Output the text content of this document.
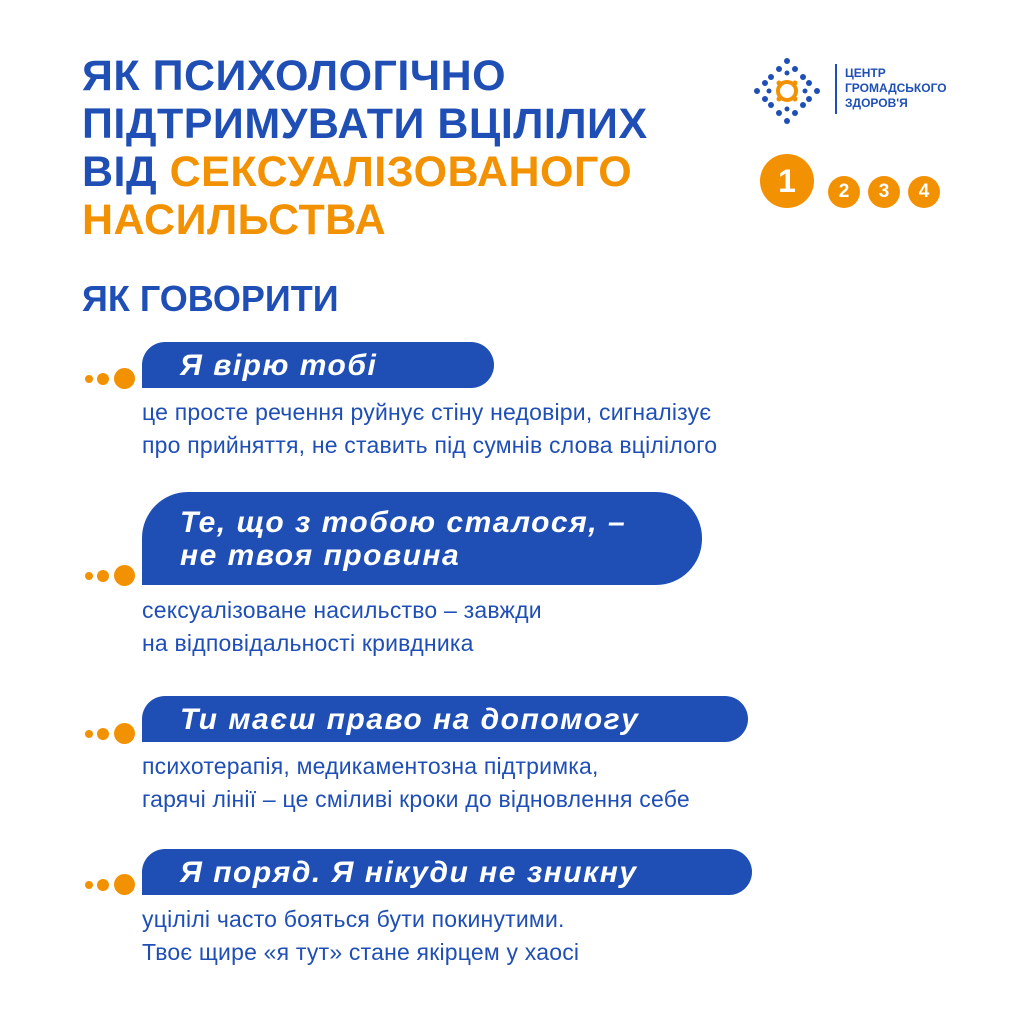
ЯК ПСИХОЛОГІЧНО
ПІДТРИМУВАТИ ВЦІЛІЛИХ
ВІД СЕКСУАЛІЗОВАНОГО
НАСИЛЬСТВА
ЯК ГОВОРИТИ
ЦЕНТР
ГРОМАДСЬКОГО
ЗДОРОВ'Я
1	2	3	4
Я вірю тобі
це просте речення руйнує стіну недовіри, сигналізує
про прийняття, не ставить під сумнів слова вцілілого
Те, що з тобою сталося, –
не твоя провина
сексуалізоване насильство – завжди
на відповідальності кривдника
Ти маєш право на допомогу
психотерапія, медикаментозна підтримка,
гарячі лінії – це сміливі кроки до відновлення себе
Я поряд. Я нікуди не зникну
уцілілі часто бояться бути покинутими.
Твоє щире «я тут» стане якірцем у хаосі
